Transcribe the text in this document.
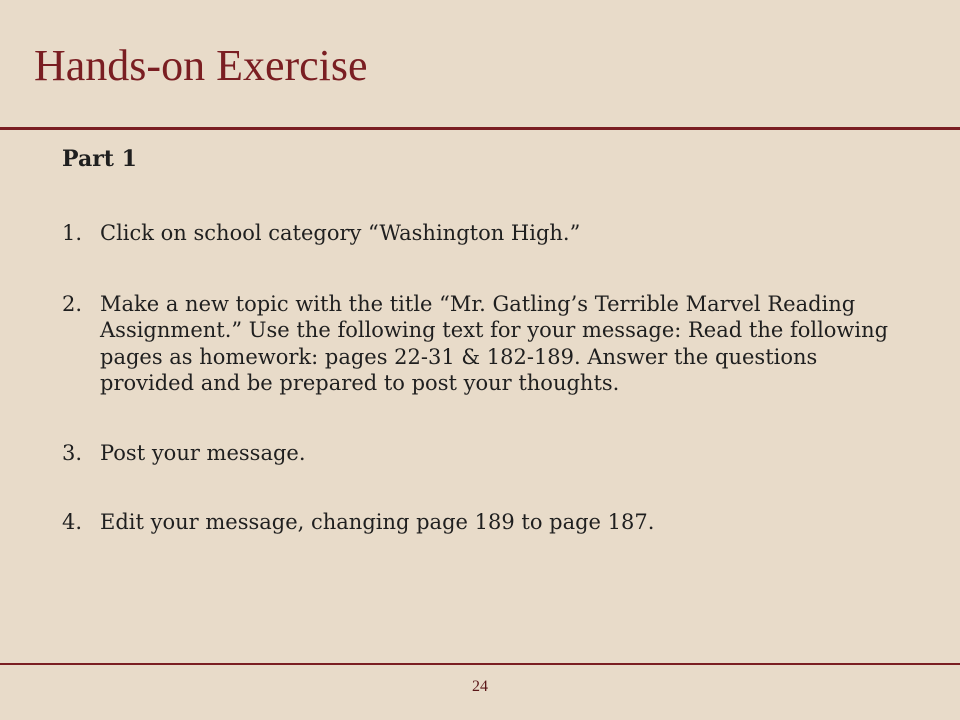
Hands-on Exercise

Part 1

1. Click on school category “Washington High.”
2. Make a new topic with the title “Mr. Gatling’s Terrible Marvel Reading Assignment.” Use the following text for your message: Read the following pages as homework: pages 22-31 & 182-189. Answer the questions provided and be prepared to post your thoughts.
3. Post your message.
4. Edit your message, changing page 189 to page 187.
24
